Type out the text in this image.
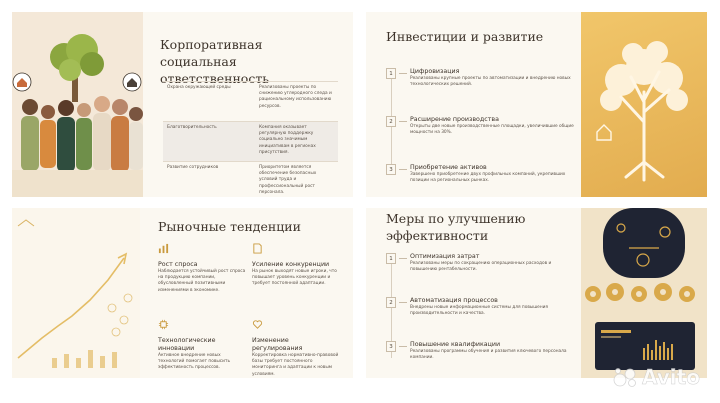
Корпоративная социальная ответственность
Охрана окружающей среды	Реализованы проекты по снижению углеродного следа и рациональному использованию ресурсов.
Благотворительность	Компания оказывает регулярную поддержку социально значимым инициативам в регионах присутствия.
Развитие сотрудников	Приоритетом является обеспечение безопасных условий труда и профессиональный рост персонала.
Инвестиции и развитие
1	Цифровизация
Реализованы крупные проекты по автоматизации и внедрению новых технологических решений.
2	Расширение производства
Открыты две новые производственные площадки, увеличившие общие мощности на 30%.
3	Приобретение активов
Завершено приобретение двух профильных компаний, укрепивших позиции на региональных рынках.
Рыночные тенденции
Рост спроса
Наблюдается устойчивый рост спроса на продукцию компании, обусловленный позитивными изменениями в экономике.
Усиление конкуренции
На рынок выходят новые игроки, что повышает уровень конкуренции и требует постоянной адаптации.
Технологические инновации
Активное внедрение новых технологий помогает повысить эффективность процессов.
Изменение регулирования
Корректировка нормативно-правовой базы требует постоянного мониторинга и адаптации к новым условиям.
Меры по улучшению эффективности
1	Оптимизация затрат
Реализованы меры по сокращению операционных расходов и повышению рентабельности.
2	Автоматизация процессов
Внедрены новые информационные системы для повышения производительности и качества.
3	Повышение квалификации
Реализованы программы обучения и развития ключевого персонала компании.
Avito
